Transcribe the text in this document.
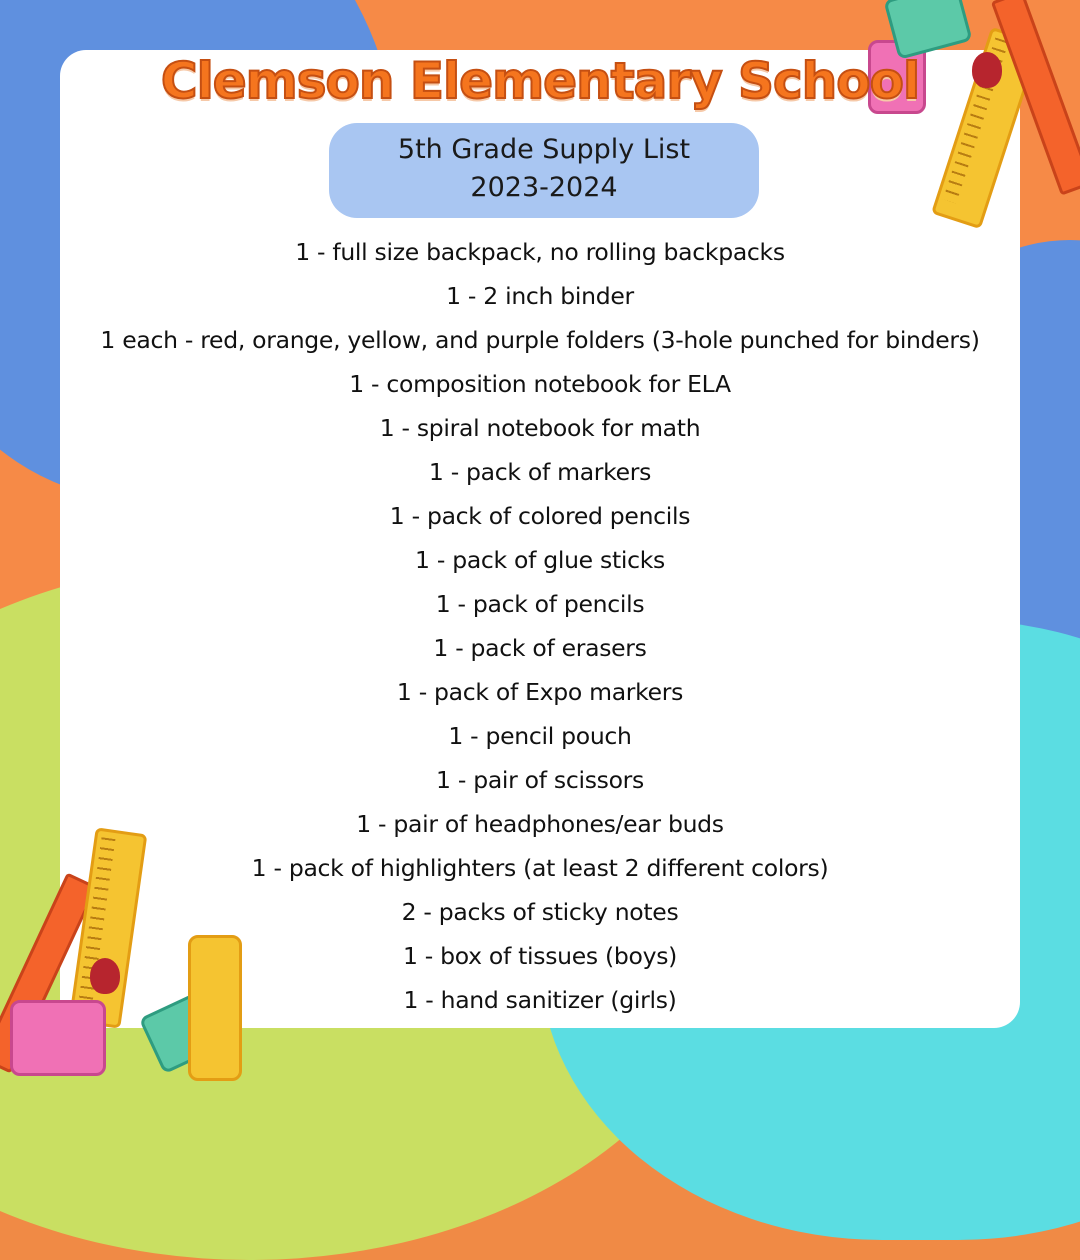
Clemson Elementary School
5th Grade Supply List
2023-2024
1 - full size backpack, no rolling backpacks
1 - 2 inch binder
1 each - red, orange, yellow, and purple folders (3-hole punched for binders)
1 - composition notebook for ELA
1 - spiral notebook for math
1 - pack of markers
1 - pack of colored pencils
1 - pack of glue sticks
1 - pack of pencils
1 - pack of erasers
1 - pack of Expo markers
1 - pencil pouch
1 - pair of scissors
1 - pair of headphones/ear buds
1 - pack of highlighters (at least 2 different colors)
2 - packs of sticky notes
1 - box of tissues (boys)
1 - hand sanitizer (girls)
